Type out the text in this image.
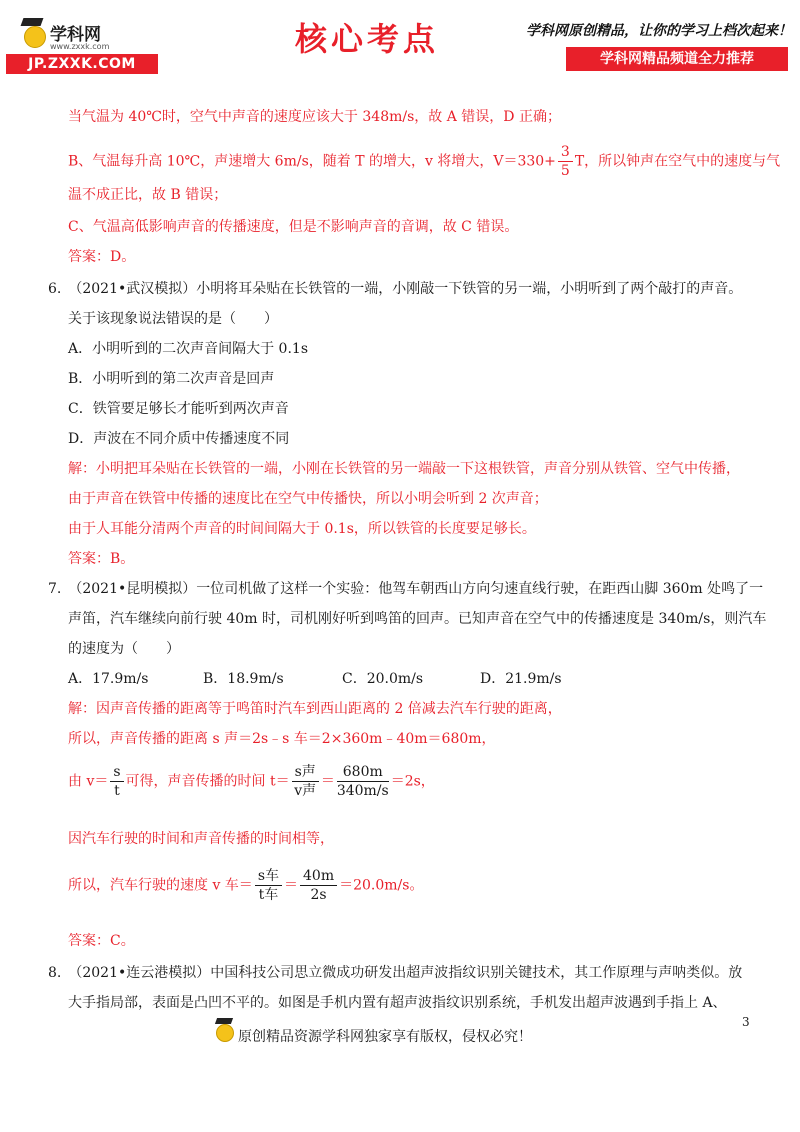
学科网
www.zxxk.com
JP.ZXXK.COM
核心考点	学科网原创精品，让你的学习上档次起来！
学科网精品频道全力推荐
当气温为 40℃时，空气中声音的速度应该大于 348m/s，故 A 错误，D 正确；
B、气温每升高 10℃，声速增大 6m/s，随着 T 的增大，v 将增大，$V=330+ \frac{3}{5}$ T，所以钟声在空气中的速度与气
温不成正比，故 B 错误；
C、气温高低影响声音的传播速度，但是不影响声音的音调，故 C 错误。
答案：D。
6.　（2021•武汉模拟）小明将耳朵贴在长铁管的一端，小刚敲一下铁管的另一端，小明听到了两个敲打的声音。
关于该现象说法错误的是（　　）
A．小明听到的二次声音间隔大于 0.1s
B．小明听到的第二次声音是回声
C．铁管要足够长才能听到两次声音
D．声波在不同介质中传播速度不同
解：小明把耳朵贴在长铁管的一端，小刚在长铁管的另一端敲一下这根铁管，声音分别从铁管、空气中传播，
由于声音在铁管中传播的速度比在空气中传播快，所以小明会听到 2 次声音；
由于人耳能分清两个声音的时间间隔大于 0.1s，所以铁管的长度要足够长。
答案：B。
7.　（2021•昆明模拟）一位司机做了这样一个实验：他驾车朝西山方向匀速直线行驶，在距西山脚 360m 处鸣了一
声笛，汽车继续向前行驶 40m 时，司机刚好听到鸣笛的回声。已知声音在空气中的传播速度是 340m/s，则汽车
的速度为（　　）
A．17.9m/s	B．18.9m/s	C．20.0m/s	D．21.9m/s
解：因声音传播的距离等于鸣笛时汽车到西山距离的 2 倍减去汽车行驶的距离，
所以，声音传播的距离 s 声＝2s﹣s 车＝2×360m﹣40m＝680m，
由 $v= \frac{s}{t}$ 可得，声音传播的时间 $t= \frac{\text{s声}}{\text{v声}} = \frac{680m}{340m/s} =2s$，
因汽车行驶的时间和声音传播的时间相等，
所以，汽车行驶的速度 v 车＝ $\frac{\text{s车}}{\text{t车}} = \frac{40m}{2s} =20.0m/s$。
答案：C。
8.　（2021•连云港模拟）中国科技公司思立微成功研发出超声波指纹识别关键技术，其工作原理与声呐类似。放
大手指局部，表面是凸凹不平的。如图是手机内置有超声波指纹识别系统，手机发出超声波遇到手指上 A、
3
原创精品资源学科网独家享有版权，侵权必究！
